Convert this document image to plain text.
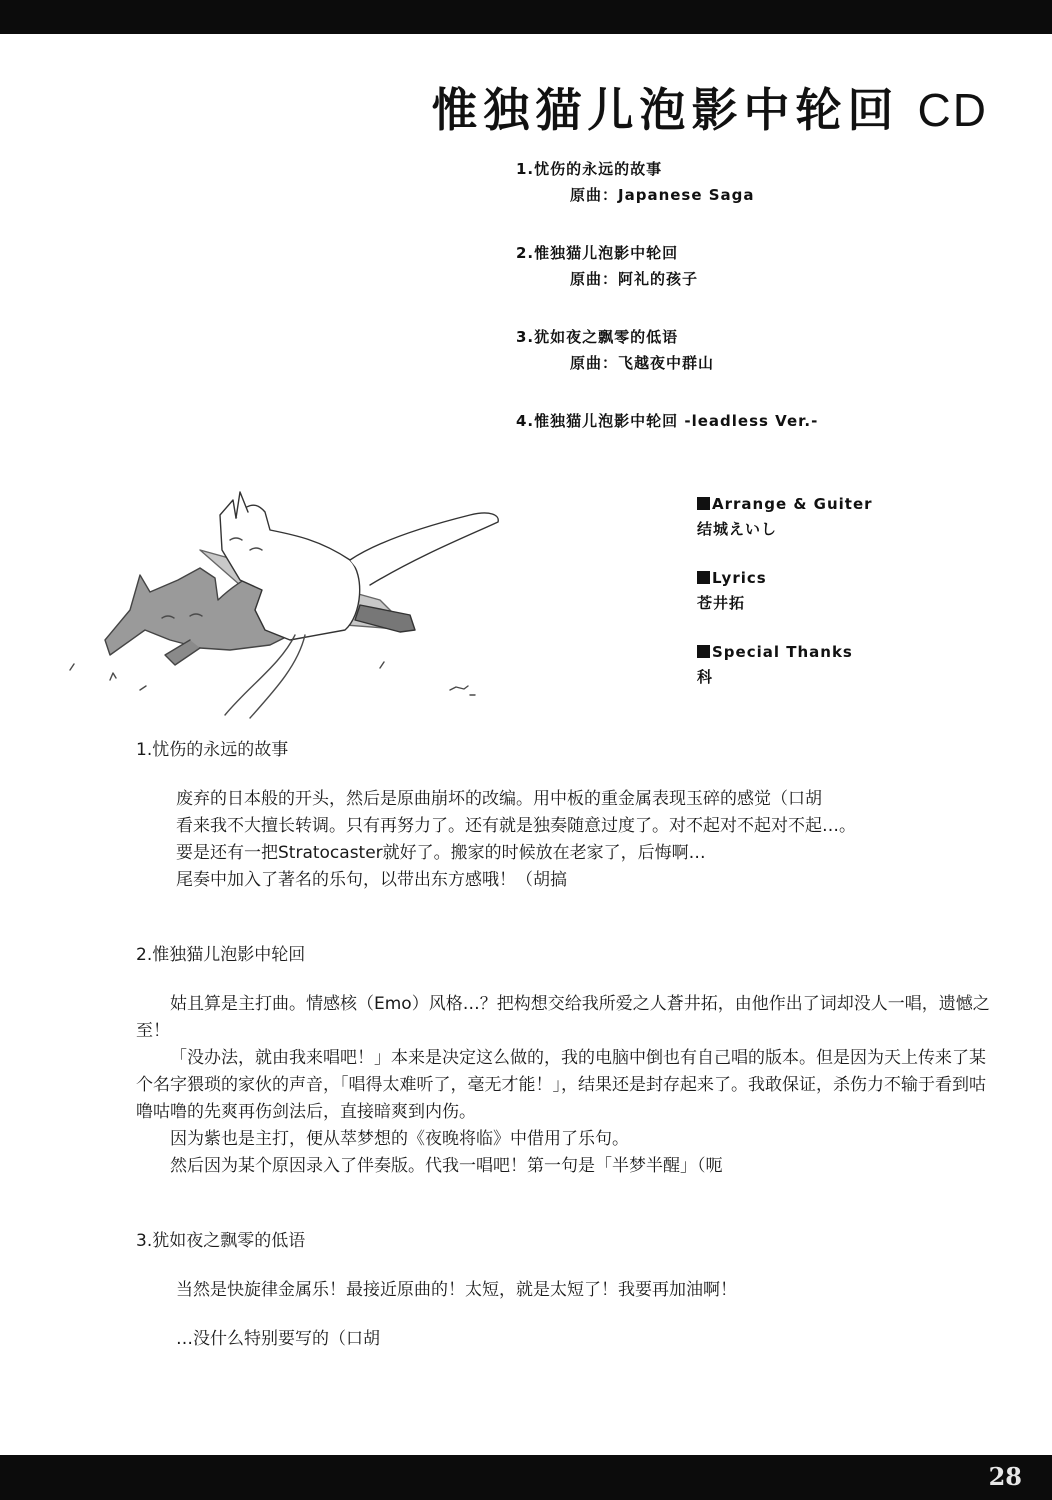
惟独猫儿泡影中轮回 CD
1.忧伤的永远的故事
原曲：Japanese Saga
2.惟独猫儿泡影中轮回
原曲：阿礼的孩子
3.犹如夜之飘零的低语
原曲：飞越夜中群山
4.惟独猫儿泡影中轮回 -leadless Ver.-
Arrange & Guiter
结城えいし
Lyrics
苍井拓
Special Thanks
科
1.忧伤的永远的故事
废弃的日本般的开头，然后是原曲崩坏的改编。用中板的重金属表现玉碎的感觉（口胡
看来我不大擅长转调。只有再努力了。还有就是独奏随意过度了。对不起对不起对不起…。
要是还有一把Stratocaster就好了。搬家的时候放在老家了，后悔啊…
尾奏中加入了著名的乐句，以带出东方感哦！（胡搞
2.惟独猫儿泡影中轮回
姑且算是主打曲。情感核（Emo）风格…？把构想交给我所爱之人蒼井拓，由他作出了词却没人一唱，遗憾之至！
「没办法，就由我来唱吧！」本来是决定这么做的，我的电脑中倒也有自己唱的版本。但是因为天上传来了某个名字猥琐的家伙的声音，「唱得太难听了，毫无才能！」，结果还是封存起来了。我敢保证，杀伤力不输于看到咕噜咕噜的先爽再伤剑法后，直接暗爽到内伤。
因为紫也是主打，便从萃梦想的《夜晚将临》中借用了乐句。
然后因为某个原因录入了伴奏版。代我一唱吧！第一句是「半梦半醒」（呃
3.犹如夜之飘零的低语
当然是快旋律金属乐！最接近原曲的！太短，就是太短了！我要再加油啊！
…没什么特别要写的（口胡
28
